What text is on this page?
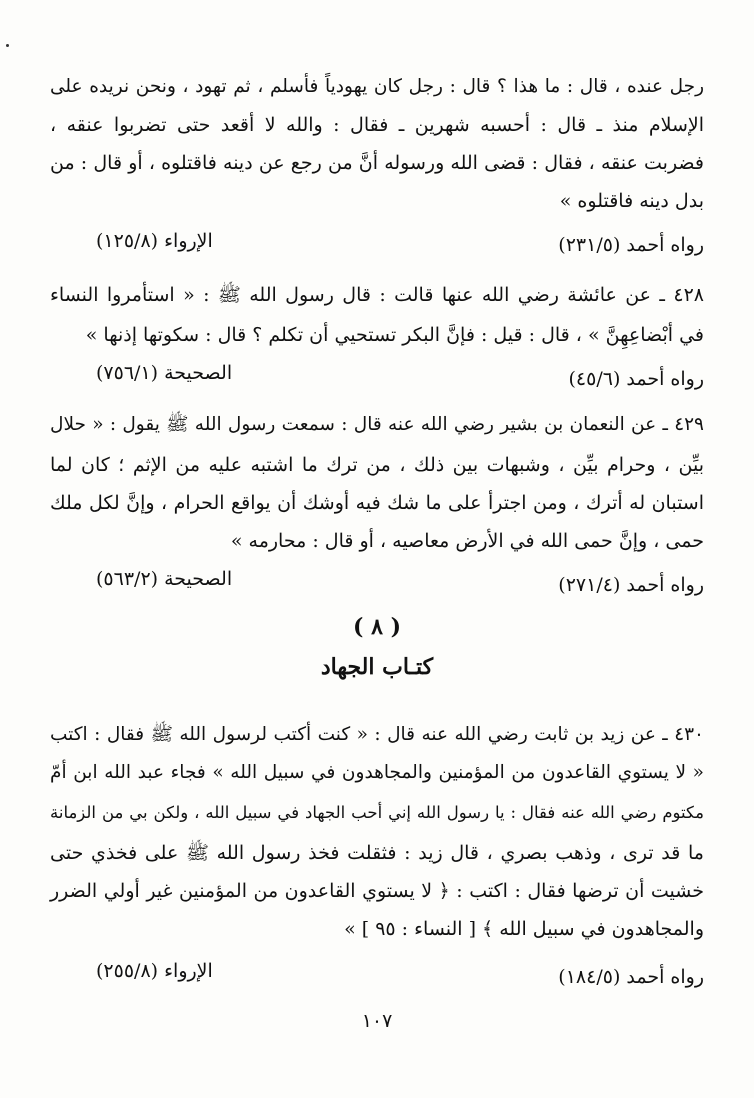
رجل عنده ، قال : ما هذا ؟ قال : رجل كان يهودياً فأسلم ، ثم تهود ، ونحن نريده على
الإسلام منذ ـ قال : أحسبه شهرين ـ فقال : والله لا أقعد حتى تضربوا عنقه ،
فضربت عنقه ، فقال : قضى الله ورسوله أنَّ من رجع عن دينه فاقتلوه ، أو قال : من
بدل دينه فاقتلوه »
رواه أحمد (٢٣١/٥)
الإرواء (١٢٥/٨)
٤٢٨ ـ عن عائشة رضي الله عنها قالت : قال رسول الله ﷺ : « استأمروا النساء
في أبْضاعِهِنَّ » ، قال : قيل : فإنَّ البكر تستحيي أن تكلم ؟ قال : سكوتها إذنها »
رواه أحمد (٤٥/٦)
الصحيحة (٧٥٦/١)
٤٢٩ ـ عن النعمان بن بشير رضي الله عنه قال : سمعت رسول الله ﷺ يقول : « حلال
بيِّن ، وحرام بيِّن ، وشبهات بين ذلك ، من ترك ما اشتبه عليه من الإثم ؛ كان لما
استبان له أترك ، ومن اجترأ على ما شك فيه أوشك أن يواقع الحرام ، وإنَّ لكل ملك
حمى ، وإنَّ حمى الله في الأرض معاصيه ، أو قال : محارمه »
رواه أحمد (٢٧١/٤)
الصحيحة (٥٦٣/٢)
( ٨ )
كتـاب الجهاد
٤٣٠ ـ عن زيد بن ثابت رضي الله عنه قال : « كنت أكتب لرسول الله ﷺ فقال : اكتب
« لا يستوي القاعدون من المؤمنين والمجاهدون في سبيل الله » فجاء عبد الله ابن أمّ
مكتوم رضي الله عنه فقال : يا رسول الله إني أحب الجهاد في سبيل الله ، ولكن بي من الزمانة
ما قد ترى ، وذهب بصري ، قال زيد : فثقلت فخذ رسول الله ﷺ على فخذي حتى
خشيت أن ترضها فقال : اكتب : ﴿ لا يستوي القاعدون من المؤمنين غير أولي الضرر
والمجاهدون في سبيل الله ﴾ [ النساء : ٩٥ ] »
رواه أحمد (١٨٤/٥)
الإرواء (٢٥٥/٨)
١٠٧
